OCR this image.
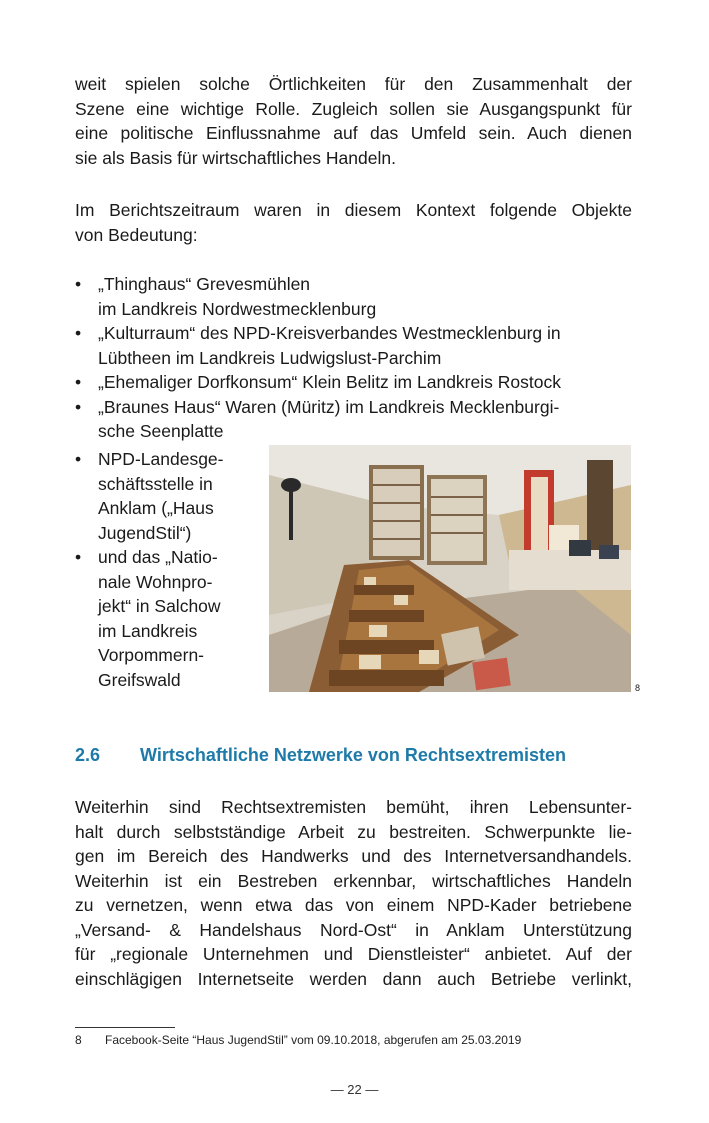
weit spielen solche Örtlichkeiten für den Zusammenhalt der
Szene eine wichtige Rolle. Zugleich sollen sie Ausgangspunkt für
eine politische Einflussnahme auf das Umfeld sein. Auch dienen
sie als Basis für wirtschaftliches Handeln.

Im Berichtszeitraum waren in diesem Kontext folgende Objekte
von Bedeutung:

• „Thinghaus“ Grevesmühlen
im Landkreis Nordwestmecklenburg
• „Kulturraum“ des NPD-Kreisverbandes Westmecklenburg in
Lübtheen im Landkreis Ludwigslust-Parchim
• „Ehemaliger Dorfkonsum“ Klein Belitz im Landkreis Rostock
• „Braunes Haus“ Waren (Müritz) im Landkreis Mecklenburgi-
sche Seenplatte
• NPD-Landesge-
schäftsstelle in
Anklam („Haus
JugendStil“)
• und das „Natio-
nale Wohnpro-
jekt“ in Salchow
im Landkreis
Vorpommern-
Greifswald	8
2.6 Wirtschaftliche Netzwerke von Rechtsextremisten

Weiterhin sind Rechtsextremisten bemüht, ihren Lebensunter-
halt durch selbstständige Arbeit zu bestreiten. Schwerpunkte lie-
gen im Bereich des Handwerks und des Internetversandhandels.
Weiterhin ist ein Bestreben erkennbar, wirtschaftliches Handeln
zu vernetzen, wenn etwa das von einem NPD-Kader betriebene
„Versand- & Handelshaus Nord-Ost“ in Anklam Unterstützung
für „regionale Unternehmen und Dienstleister“ anbietet. Auf der
einschlägigen Internetseite werden dann auch Betriebe verlinkt,

8 Facebook-Seite “Haus JugendStil” vom 09.10.2018, abgerufen am 25.03.2019
— 22 —
